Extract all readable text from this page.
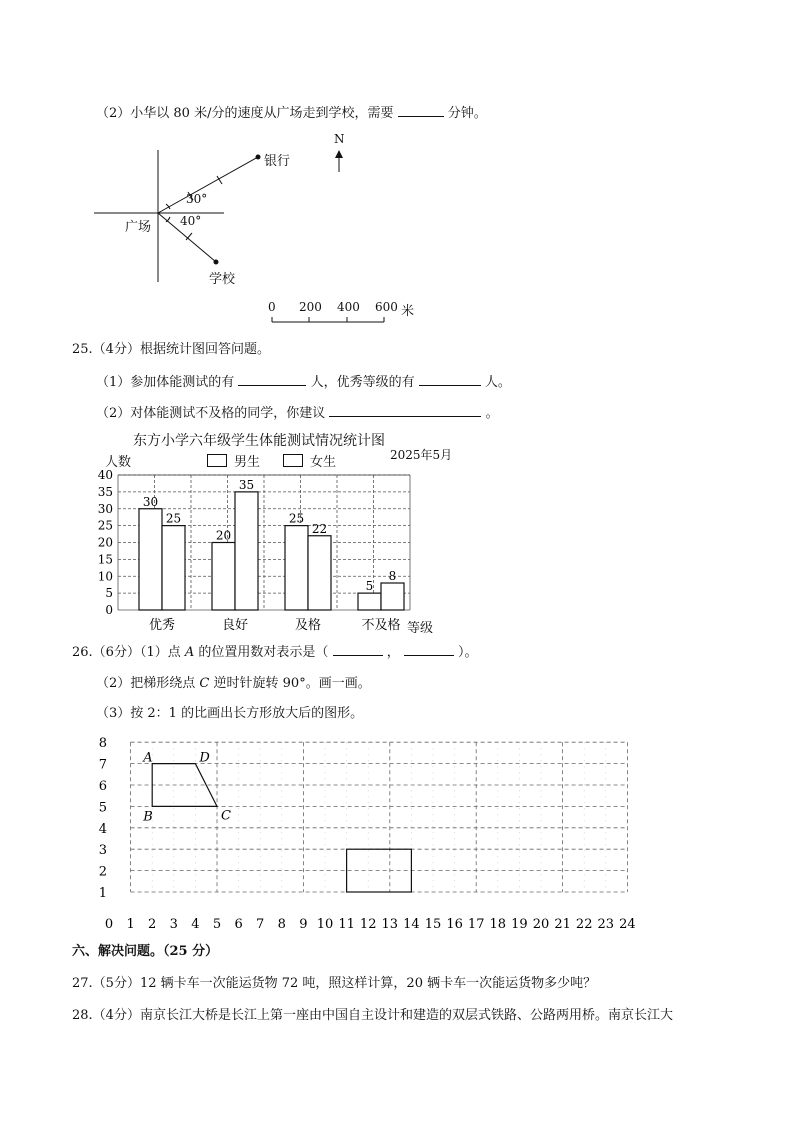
（2）小华以 80 米/分的速度从广场走到学校，需要	分钟。
N
银行
广场
学校
30°
40°
0 200 400 600 米
25.（4分）根据统计图回答问题。
（1）参加体能测试的有	人，优秀等级的有	人。
（2）对体能测试不及格的同学，你建议	。
东方小学六年级学生体能测试情况统计图
2025年5月
人数
等级
男生	女生
0
5
10
15
20
25
30
35
40
30
25
优秀
20
35
良好
25
22
及格
5
8
不及格
26.（6分）（1）点 A 的位置用数对表示是（	，	）。
（2）把梯形绕点 C 逆时针旋转 90°。画一画。
（3）按 2：1 的比画出长方形放大后的图形。
0 1 2 3 4 5 6 7 8 9 10 11 12 13 14 15 16 17 18 19 20 21 22 23 24
1
2
3
4
5
6
7
8
A	D
C
B
六、解决问题。（25 分）
27.（5分）12 辆卡车一次能运货物 72 吨，照这样计算，20 辆卡车一次能运货物多少吨？
28.（4分）南京长江大桥是长江上第一座由中国自主设计和建造的双层式铁路、公路两用桥。南京长江大
